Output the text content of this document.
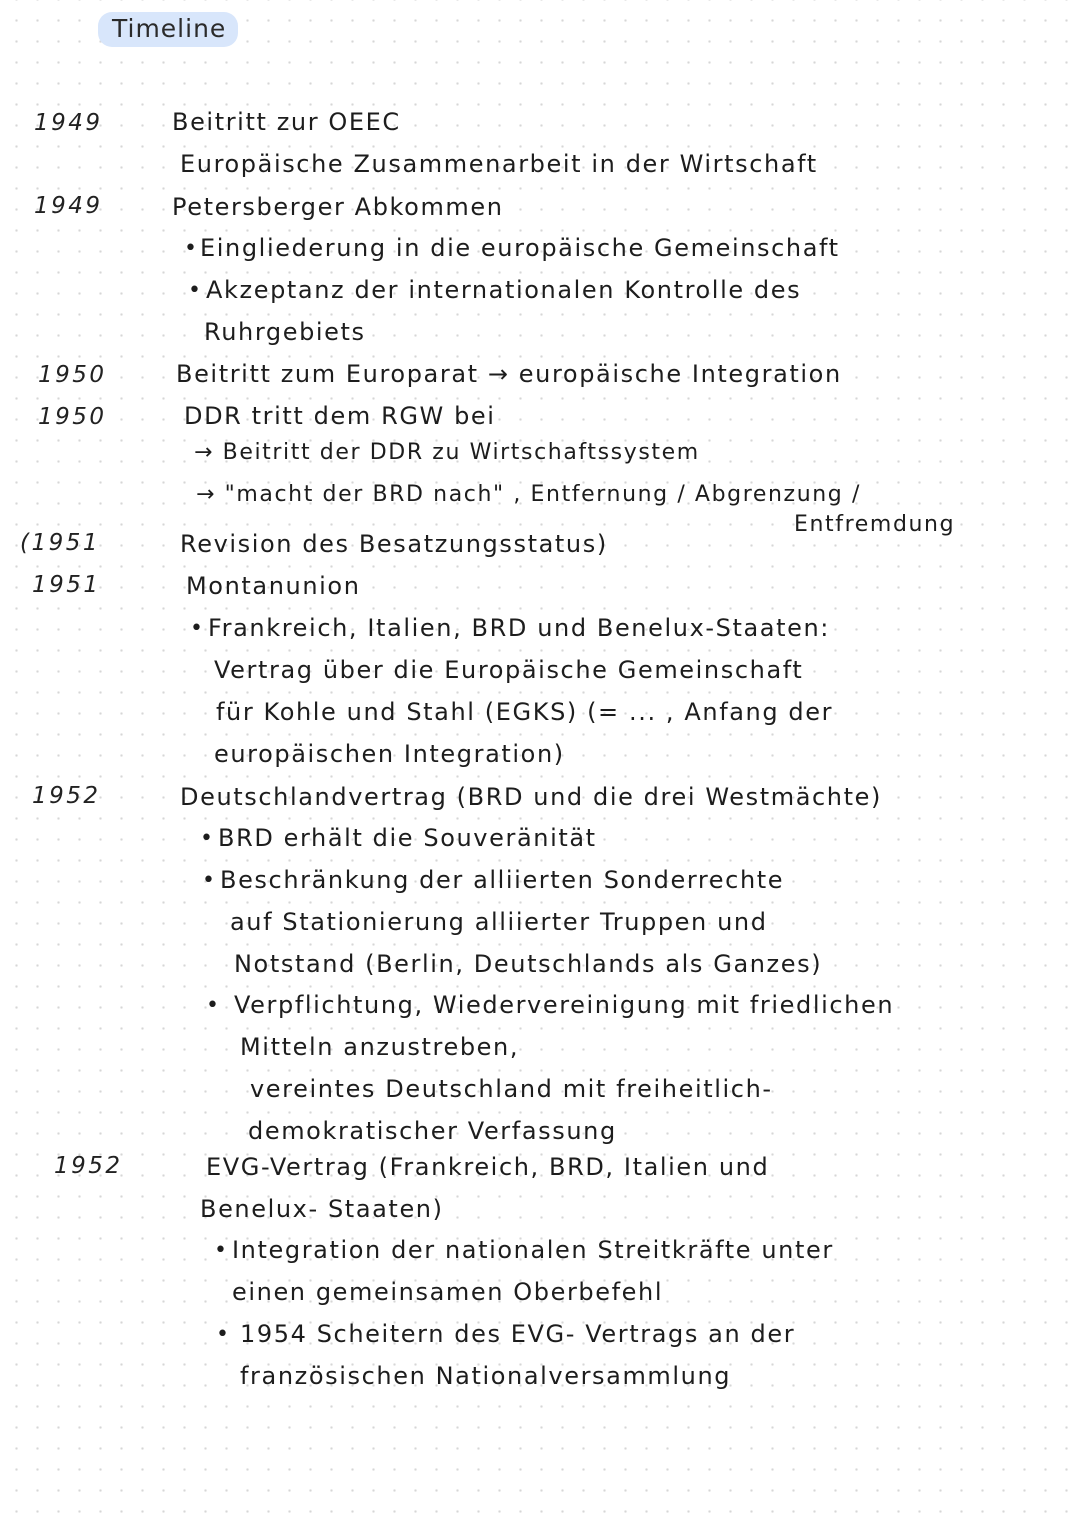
Timeline
1949
1949
1950
1950
(1951
1951
1952
1952
Beitritt zur OEEC
Europäische Zusammenarbeit in der Wirtschaft
Petersberger Abkommen
• Eingliederung in die europäische Gemeinschaft
• Akzeptanz der internationalen Kontrolle des
Ruhrgebiets
Beitritt zum Europarat → europäische Integration
DDR tritt dem RGW bei
→ Beitritt der DDR zu Wirtschaftssystem
→ "macht der BRD nach" , Entfernung / Abgrenzung /
Entfremdung
Revision des Besatzungsstatus)
Montanunion
• Frankreich, Italien, BRD und Benelux-Staaten:
Vertrag über die Europäische Gemeinschaft
für Kohle und Stahl (EGKS) (= ... , Anfang der
europäischen Integration)
Deutschlandvertrag (BRD und die drei Westmächte)
• BRD erhält die Souveränität
• Beschränkung der alliierten Sonderrechte
auf Stationierung alliierter Truppen und
Notstand (Berlin, Deutschlands als Ganzes)
• Verpflichtung, Wiedervereinigung mit friedlichen
Mitteln anzustreben,
vereintes Deutschland mit freiheitlich-
demokratischer Verfassung
EVG-Vertrag (Frankreich, BRD, Italien und
Benelux- Staaten)
• Integration der nationalen Streitkräfte unter
einen gemeinsamen Oberbefehl
• 1954 Scheitern des EVG- Vertrags an der
französischen Nationalversammlung
